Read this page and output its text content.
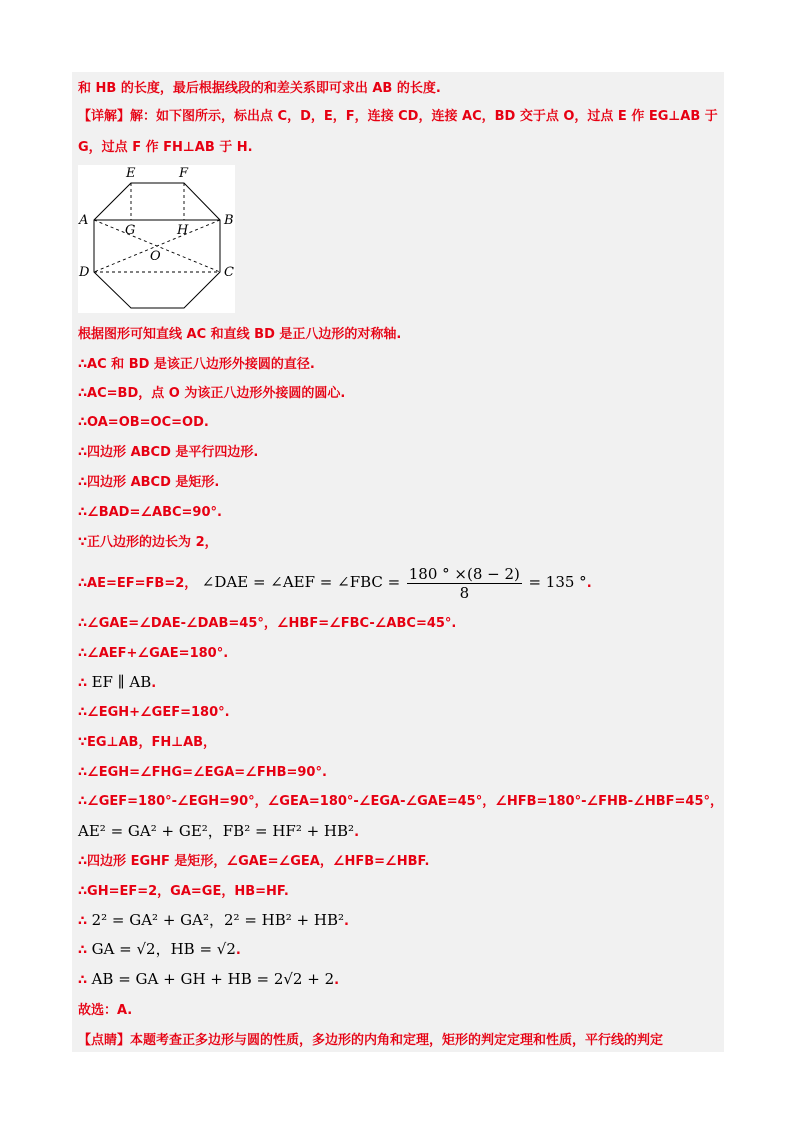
和 HB 的长度，最后根据线段的和差关系即可求出 AB 的长度.
【详解】解：如下图所示，标出点 C，D，E，F，连接 CD，连接 AC，BD 交于点 O，过点 E 作 EG⊥AB 于
G，过点 F 作 FH⊥AB 于 H.
E	F
A	B
G	H
O
D	C
根据图形可知直线 AC 和直线 BD 是正八边形的对称轴.
∴AC 和 BD 是该正八边形外接圆的直径.
∴AC=BD，点 O 为该正八边形外接圆的圆心.
∴OA=OB=OC=OD.
∴四边形 ABCD 是平行四边形.
∴四边形 ABCD 是矩形.
∴∠BAD=∠ABC=90°.
∵正八边形的边长为 2，
∴AE=EF=FB=2， ∠DAE = ∠AEF = ∠FBC = $\frac{180 ^\circ \times(8 - 2)}{8} = 135$ °.
∴∠GAE=∠DAE-∠DAB=45°，∠HBF=∠FBC-∠ABC=45°.
∴∠AEF+∠GAE=180°.
∴ EF ∥ AB.
∴∠EGH+∠GEF=180°.
∵EG⊥AB，FH⊥AB，
∴∠EGH=∠FHG=∠EGA=∠FHB=90°.
∴∠GEF=180°-∠EGH=90°，∠GEA=180°-∠EGA-∠GAE=45°，∠HFB=180°-∠FHB-∠HBF=45°，
AE² = GA² + GE²，FB² = HF² + HB².
∴四边形 EGHF 是矩形，∠GAE=∠GEA，∠HFB=∠HBF.
∴GH=EF=2，GA=GE，HB=HF.
∴ 2² = GA² + GA²，2² = HB² + HB².
∴ GA = √2，HB = √2.
∴ AB = GA + GH + HB = 2√2 + 2.
故选：A.
【点睛】本题考查正多边形与圆的性质，多边形的内角和定理，矩形的判定定理和性质，平行线的判定
